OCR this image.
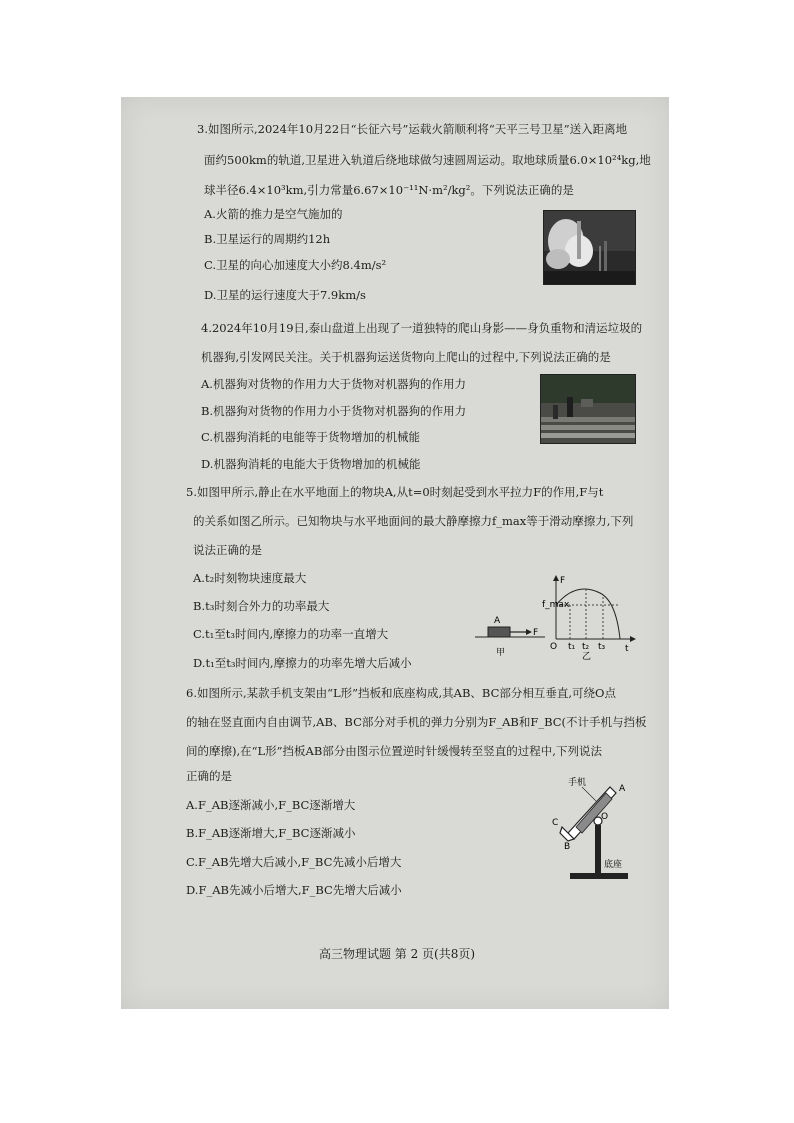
3.如图所示,2024年10月22日“长征六号”运载火箭顺利将“天平三号卫星”送入距离地
面约500km的轨道,卫星进入轨道后绕地球做匀速圆周运动。取地球质量6.0×10²⁴kg,地
球半径6.4×10³km,引力常量6.67×10⁻¹¹N·m²/kg²。下列说法正确的是
A.火箭的推力是空气施加的
B.卫星运行的周期约12h
C.卫星的向心加速度大小约8.4m/s²
D.卫星的运行速度大于7.9km/s
4.2024年10月19日,泰山盘道上出现了一道独特的爬山身影——身负重物和清运垃圾的
机器狗,引发网民关注。关于机器狗运送货物向上爬山的过程中,下列说法正确的是
A.机器狗对货物的作用力大于货物对机器狗的作用力
B.机器狗对货物的作用力小于货物对机器狗的作用力
C.机器狗消耗的电能等于货物增加的机械能
D.机器狗消耗的电能大于货物增加的机械能
5.如图甲所示,静止在水平地面上的物块A,从t=0时刻起受到水平拉力F的作用,F与t
的关系如图乙所示。已知物块与水平地面间的最大静摩擦力f_max等于滑动摩擦力,下列
说法正确的是
A.t₂时刻物块速度最大
B.t₃时刻合外力的功率最大
C.t₁至t₃时间内,摩擦力的功率一直增大
D.t₁至t₃时间内,摩擦力的功率先增大后减小
A
F
甲
F
t
O
f_max
t₁ t₂ t₃
乙
6.如图所示,某款手机支架由“L形”挡板和底座构成,其AB、BC部分相互垂直,可绕O点
的轴在竖直面内自由调节,AB、BC部分对手机的弹力分别为F_AB和F_BC(不计手机与挡板
间的摩擦),在“L形”挡板AB部分由图示位置逆时针缓慢转至竖直的过程中,下列说法
正确的是
A.F_AB逐渐减小,F_BC逐渐增大
B.F_AB逐渐增大,F_BC逐渐减小
C.F_AB先增大后减小,F_BC先减小后增大
D.F_AB先减小后增大,F_BC先增大后减小
手机
A
B
C
O
底座
高三物理试题 第 2 页(共8页)
